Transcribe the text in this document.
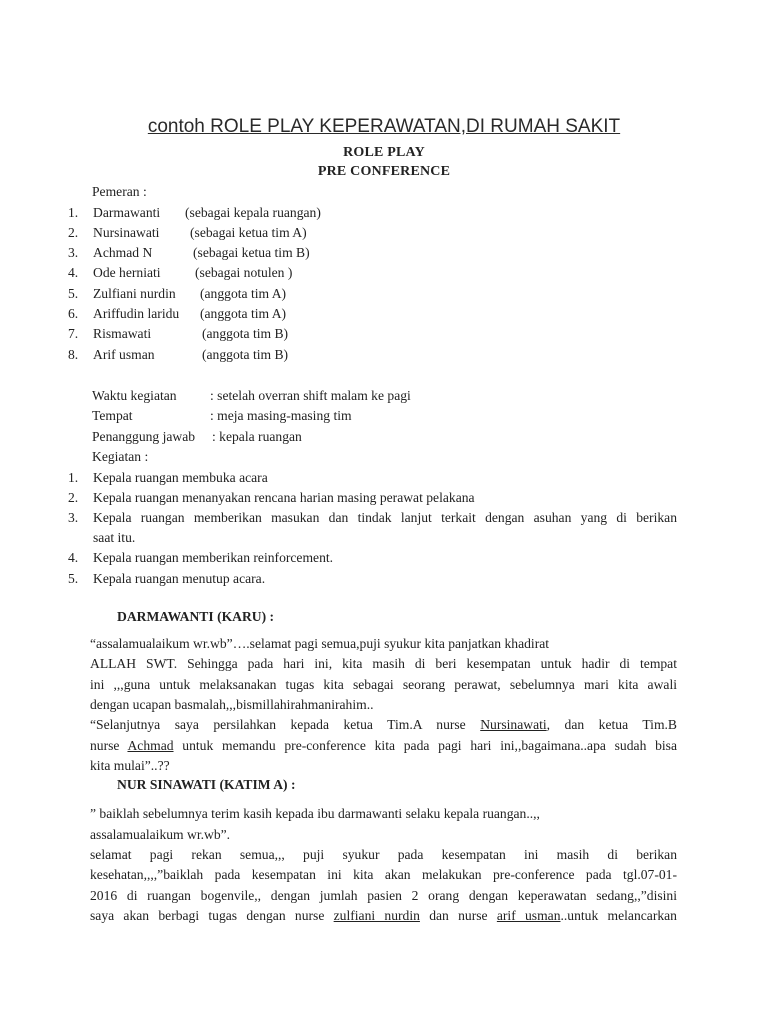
contoh ROLE PLAY KEPERAWATAN,DI RUMAH SAKIT
ROLE PLAY
PRE CONFERENCE
Pemeran :
1. Darmawanti (sebagai kepala ruangan)
2. Nursinawati (sebagai ketua tim A)
3. Achmad N	(sebagai ketua tim B)
4. Ode herniati	(sebagai notulen )
5. Zulfiani nurdin (anggota tim A)
6. Ariffudin laridu (anggota tim A)
7. Rismawati	(anggota tim B)
8. Arif usman	(anggota tim B)
Waktu kegiatan : setelah overran shift malam ke pagi
Tempat	: meja masing-masing tim
Penanggung jawab : kepala ruangan
Kegiatan :
1. Kepala ruangan membuka acara
2. Kepala ruangan menanyakan rencana harian masing perawat pelakana
3. Kepala ruangan memberikan masukan dan tindak lanjut terkait dengan asuhan yang di berikan
saat itu.
4. Kepala ruangan memberikan reinforcement.
5. Kepala ruangan menutup acara.
DARMAWANTI (KARU) :
“assalamualaikum wr.wb”….selamat pagi semua,puji syukur kita panjatkan khadirat
ALLAH SWT. Sehingga pada hari ini, kita masih di beri kesempatan untuk hadir di tempat
ini ,,,guna untuk melaksanakan tugas kita sebagai seorang perawat, sebelumnya mari kita awali
dengan ucapan basmalah,,,bismillahirahmanirahim..
“Selanjutnya saya persilahkan kepada ketua Tim.A nurse Nursinawati, dan ketua Tim.B
nurse Achmad untuk memandu pre-conference kita pada pagi hari ini,,bagaimana..apa sudah bisa
kita mulai”..??
NUR SINAWATI (KATIM A) :
” baiklah sebelumnya terim kasih kepada ibu darmawanti selaku kepala ruangan..,,
assalamualaikum wr.wb”.
selamat pagi rekan semua,,, puji syukur pada kesempatan ini masih di berikan
kesehatan,,,,”baiklah pada kesempatan ini kita akan melakukan pre-conference pada tgl.07-01-
2016 di ruangan bogenvile,, dengan jumlah pasien 2 orang dengan keperawatan sedang,,”disini
saya akan berbagi tugas dengan nurse zulfiani nurdin dan nurse arif usman..untuk melancarkan
